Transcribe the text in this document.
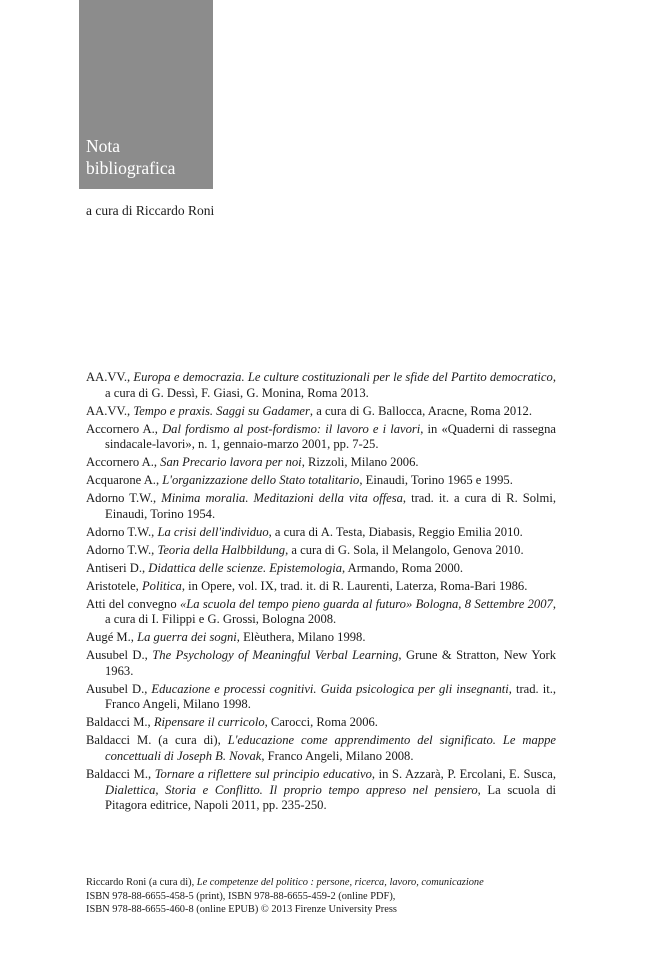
Nota
bibliografica
a cura di Riccardo Roni
AA.VV., Europa e democrazia. Le culture costituzionali per le sfide del Partito democratico, a cura di G. Dessì, F. Giasi, G. Monina, Roma 2013.
AA.VV., Tempo e praxis. Saggi su Gadamer, a cura di G. Ballocca, Aracne, Roma 2012.
Accornero A., Dal fordismo al post-fordismo: il lavoro e i lavori, in «Quaderni di rassegna sindacale-lavori», n. 1, gennaio-marzo 2001, pp. 7-25.
Accornero A., San Precario lavora per noi, Rizzoli, Milano 2006.
Acquarone A., L'organizzazione dello Stato totalitario, Einaudi, Torino 1965 e 1995.
Adorno T.W., Minima moralia. Meditazioni della vita offesa, trad. it. a cura di R. Solmi, Einaudi, Torino 1954.
Adorno T.W., La crisi dell'individuo, a cura di A. Testa, Diabasis, Reggio Emilia 2010.
Adorno T.W., Teoria della Halbbildung, a cura di G. Sola, il Melangolo, Genova 2010.
Antiseri D., Didattica delle scienze. Epistemologia, Armando, Roma 2000.
Aristotele, Politica, in Opere, vol. IX, trad. it. di R. Laurenti, Laterza, Roma-Bari 1986.
Atti del convegno «La scuola del tempo pieno guarda al futuro» Bologna, 8 Settembre 2007, a cura di I. Filippi e G. Grossi, Bologna 2008.
Augé M., La guerra dei sogni, Elèuthera, Milano 1998.
Ausubel D., The Psychology of Meaningful Verbal Learning, Grune & Stratton, New York 1963.
Ausubel D., Educazione e processi cognitivi. Guida psicologica per gli insegnanti, trad. it., Franco Angeli, Milano 1998.
Baldacci M., Ripensare il curricolo, Carocci, Roma 2006.
Baldacci M. (a cura di), L'educazione come apprendimento del significato. Le mappe concettuali di Joseph B. Novak, Franco Angeli, Milano 2008.
Baldacci M., Tornare a riflettere sul principio educativo, in S. Azzarà, P. Ercolani, E. Susca, Dialettica, Storia e Conflitto. Il proprio tempo appreso nel pensiero, La scuola di Pitagora editrice, Napoli 2011, pp. 235-250.
Riccardo Roni (a cura di), Le competenze del politico : persone, ricerca, lavoro, comunicazione
ISBN 978-88-6655-458-5 (print), ISBN 978-88-6655-459-2 (online PDF),
ISBN 978-88-6655-460-8 (online EPUB) © 2013 Firenze University Press
